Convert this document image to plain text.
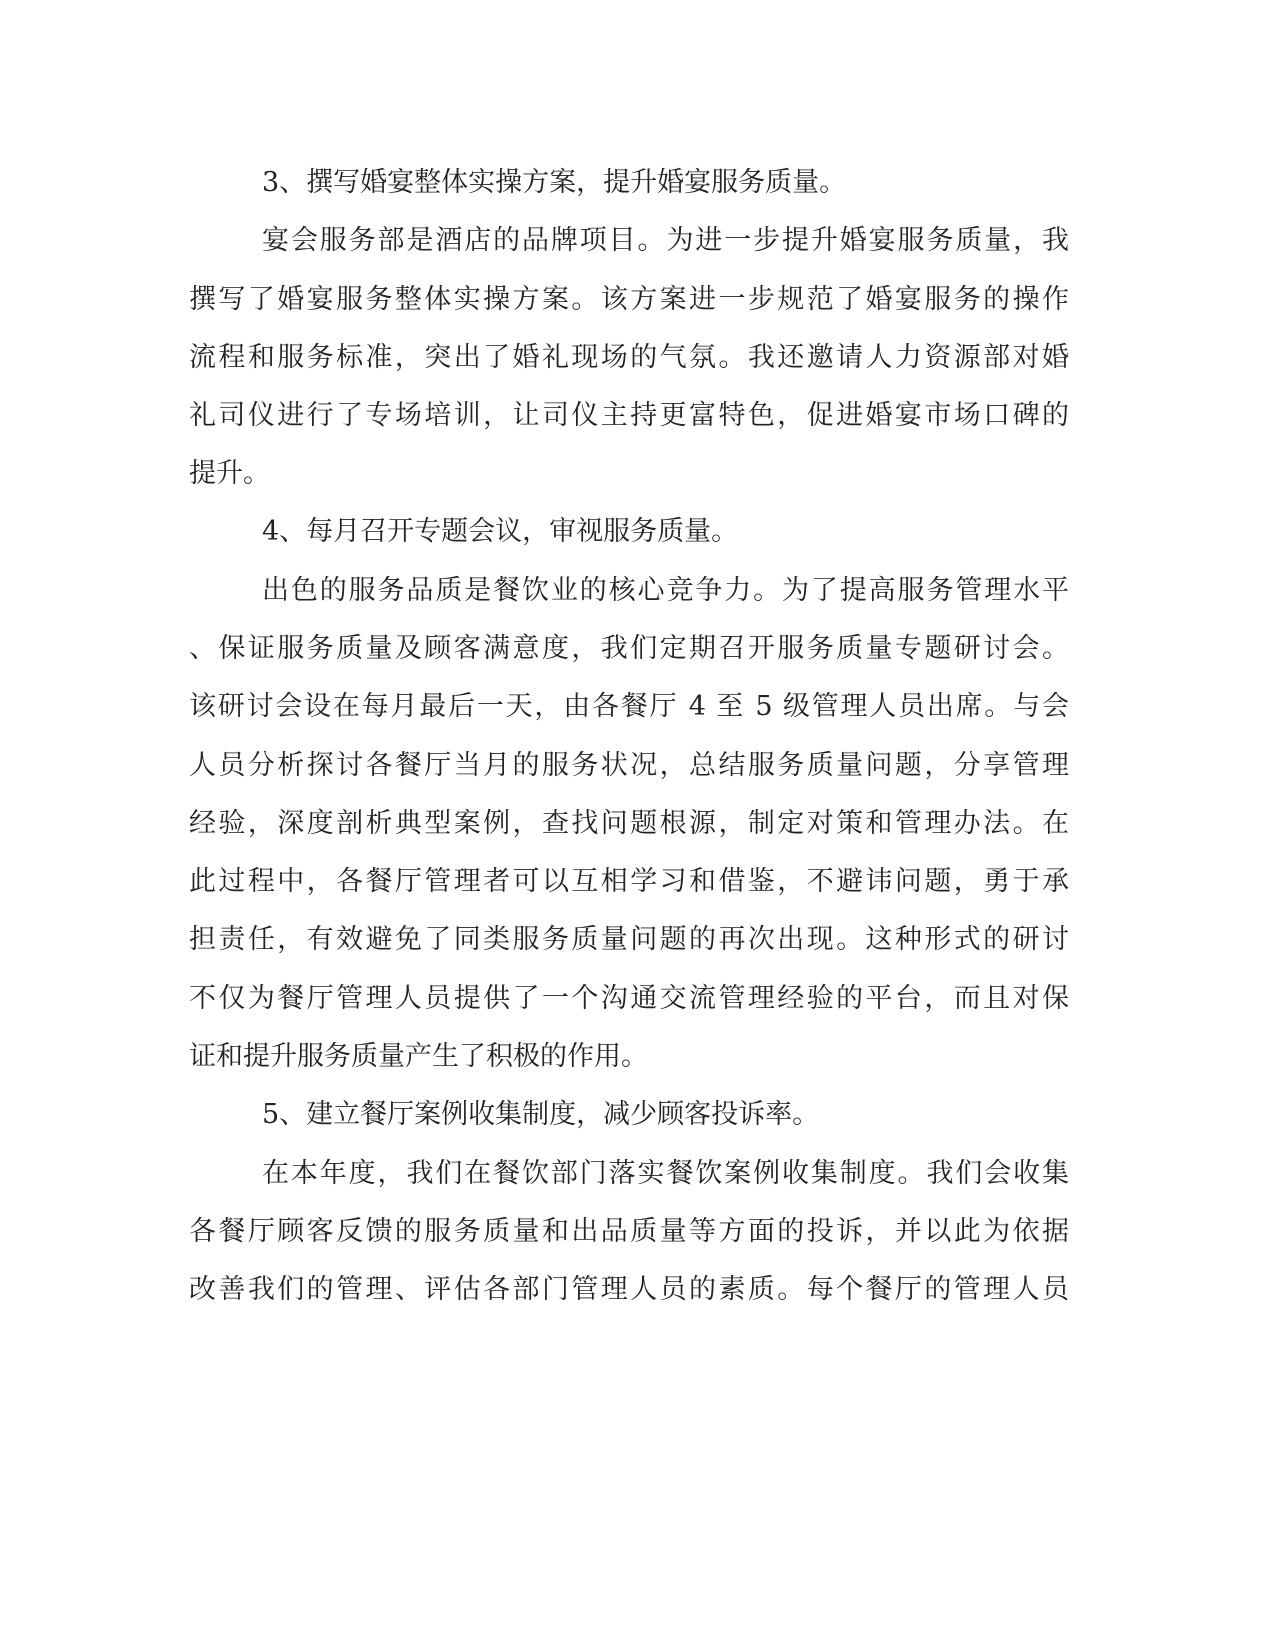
3、撰写婚宴整体实操方案，提升婚宴服务质量。
宴会服务部是酒店的品牌项目。为进一步提升婚宴服务质量，我
撰写了婚宴服务整体实操方案。该方案进一步规范了婚宴服务的操作
流程和服务标准，突出了婚礼现场的气氛。我还邀请人力资源部对婚
礼司仪进行了专场培训，让司仪主持更富特色，促进婚宴市场口碑的
提升。
4、每月召开专题会议，审视服务质量。
出色的服务品质是餐饮业的核心竞争力。为了提高服务管理水平
、保证服务质量及顾客满意度，我们定期召开服务质量专题研讨会。
该研讨会设在每月最后一天，由各餐厅 4 至 5 级管理人员出席。与会
人员分析探讨各餐厅当月的服务状况，总结服务质量问题，分享管理
经验，深度剖析典型案例，查找问题根源，制定对策和管理办法。在
此过程中，各餐厅管理者可以互相学习和借鉴，不避讳问题，勇于承
担责任，有效避免了同类服务质量问题的再次出现。这种形式的研讨
不仅为餐厅管理人员提供了一个沟通交流管理经验的平台，而且对保
证和提升服务质量产生了积极的作用。
5、建立餐厅案例收集制度，减少顾客投诉率。
在本年度，我们在餐饮部门落实餐饮案例收集制度。我们会收集
各餐厅顾客反馈的服务质量和出品质量等方面的投诉，并以此为依据
改善我们的管理、评估各部门管理人员的素质。每个餐厅的管理人员
